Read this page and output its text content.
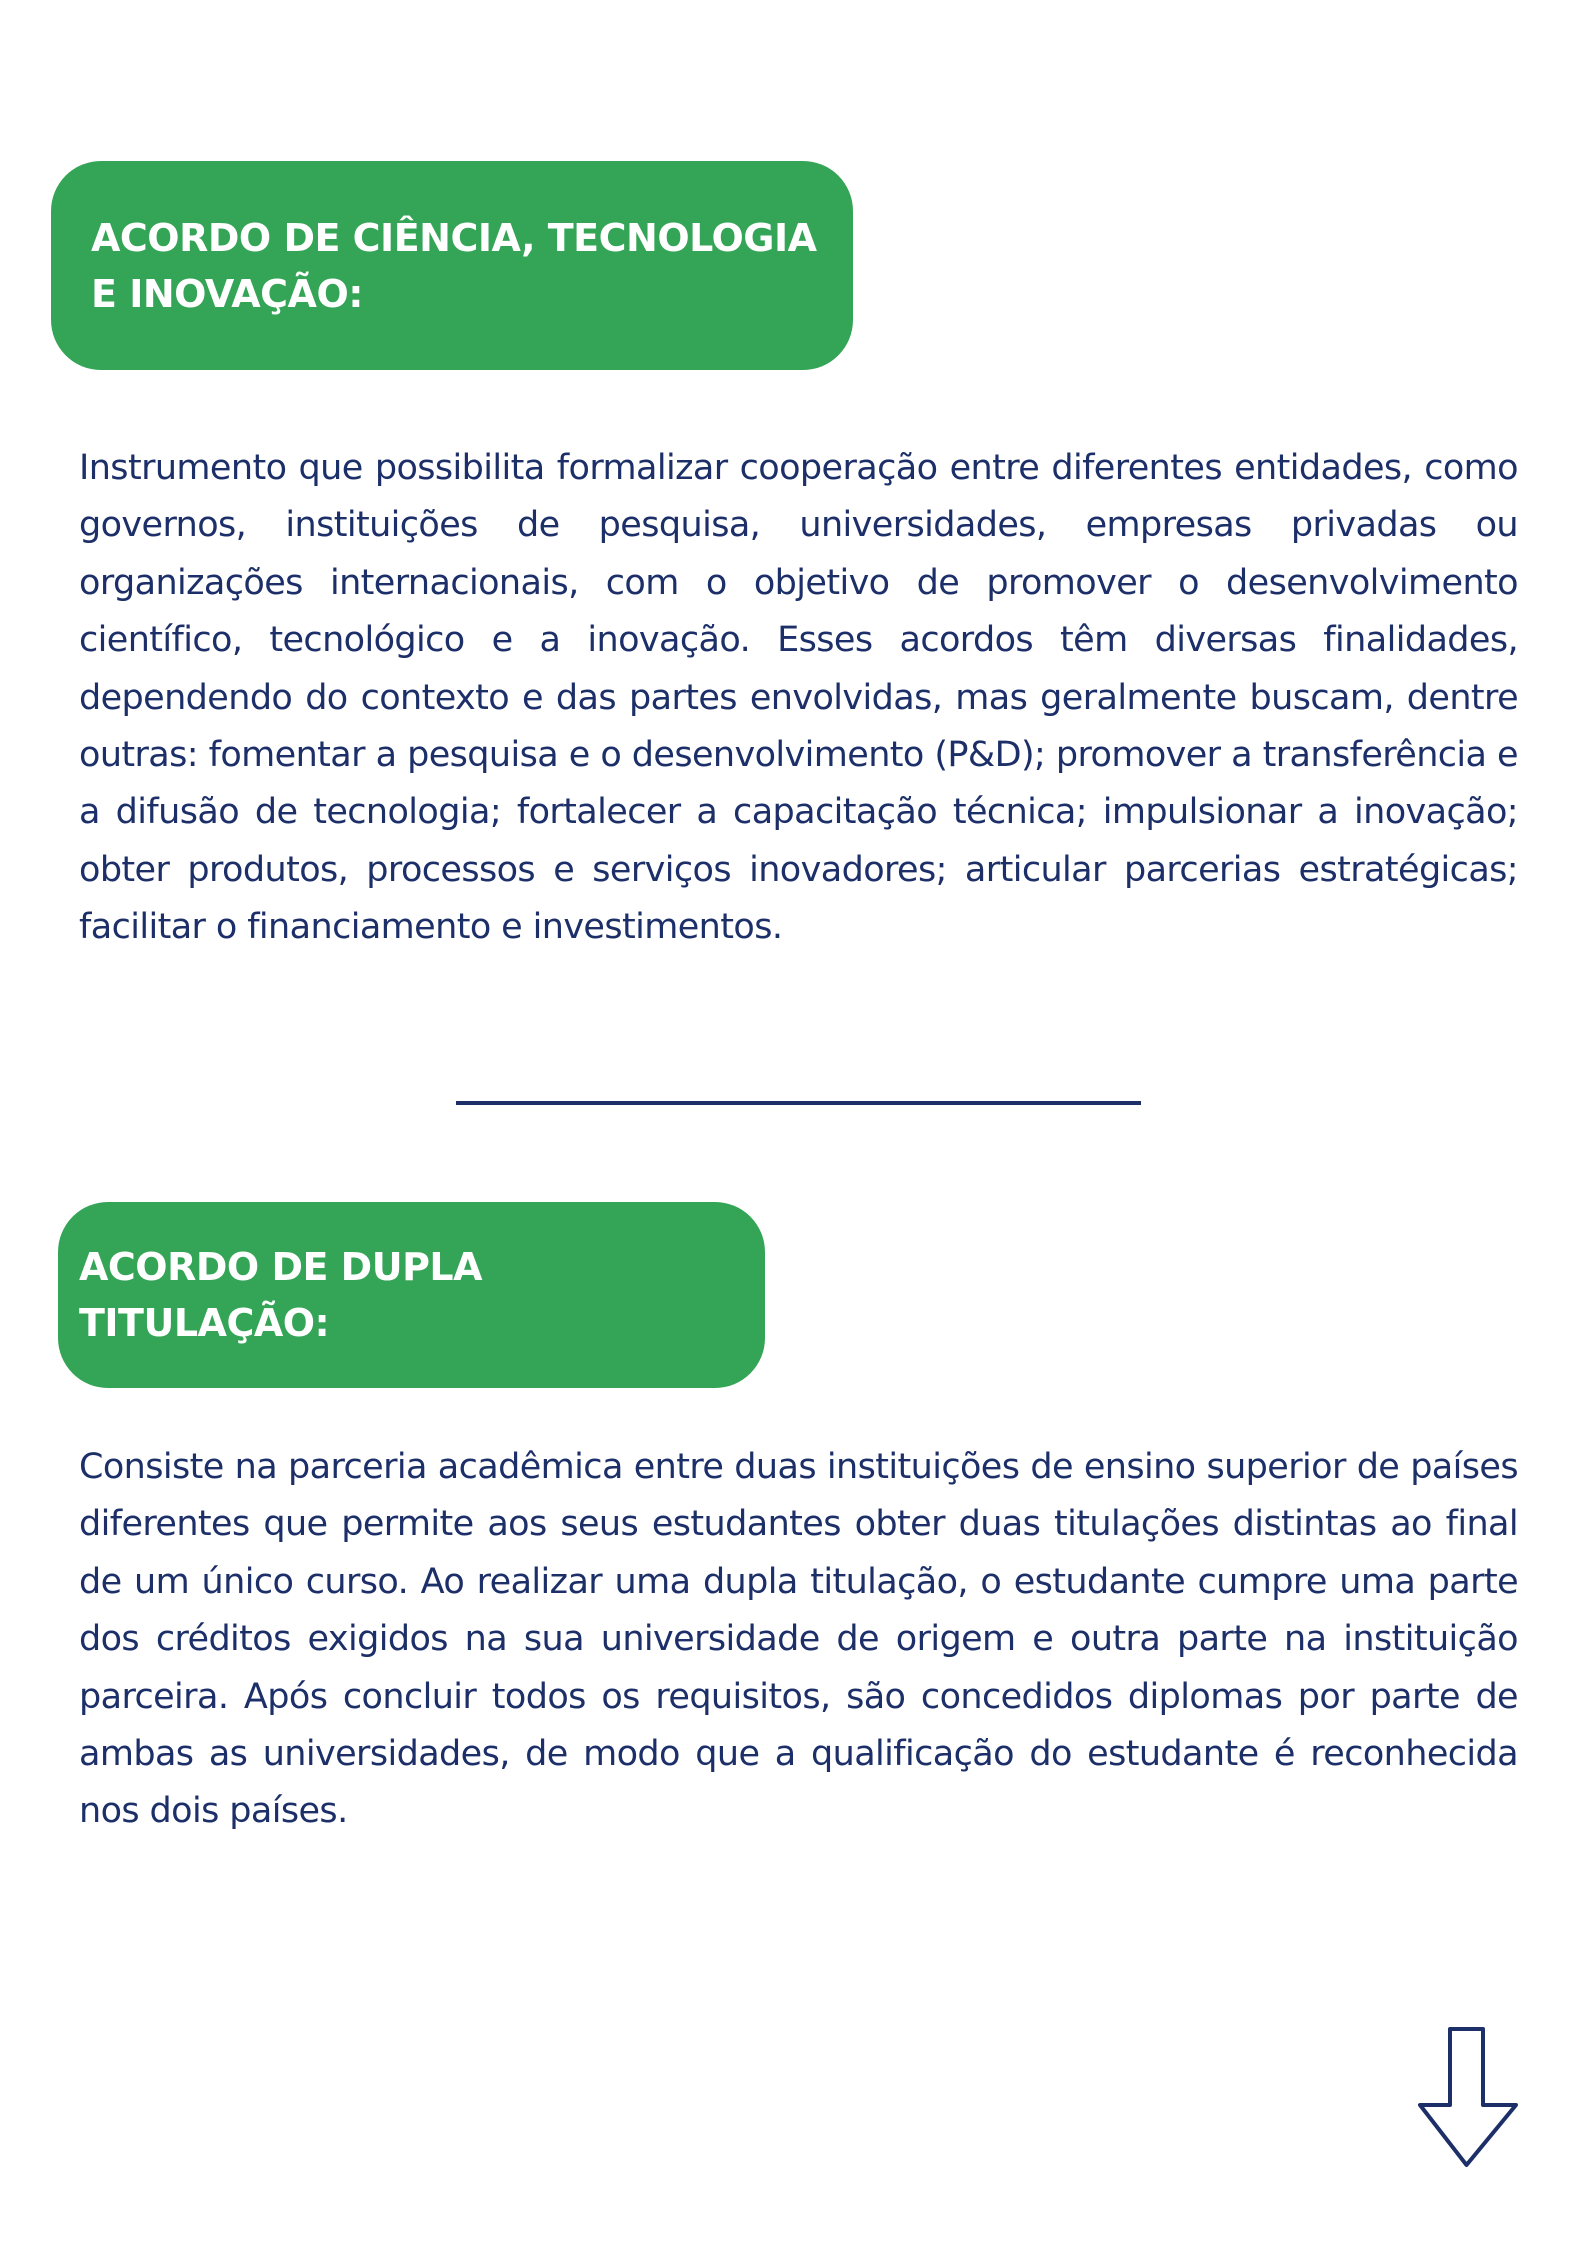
ACORDO DE CIÊNCIA, TECNOLOGIA E INOVAÇÃO:

Instrumento que possibilita formalizar cooperação entre diferentes entidades, como governos, instituições de pesquisa, universidades, empresas privadas ou organizações internacionais, com o objetivo de promover o desenvolvimento científico, tecnológico e a inovação. Esses acordos têm diversas finalidades, dependendo do contexto e das partes envolvidas, mas geralmente buscam, dentre outras: fomentar a pesquisa e o desenvolvimento (P&D); promover a transferência e a difusão de tecnologia; fortalecer a capacitação técnica; impulsionar a inovação; obter produtos, processos e serviços inovadores; articular parcerias estratégicas; facilitar o financiamento e investimentos.

ACORDO DE DUPLA TITULAÇÃO:

Consiste na parceria acadêmica entre duas instituições de ensino superior de países diferentes que permite aos seus estudantes obter duas titulações distintas ao final de um único curso. Ao realizar uma dupla titulação, o estudante cumpre uma parte dos créditos exigidos na sua universidade de origem e outra parte na instituição parceira. Após concluir todos os requisitos, são concedidos diplomas por parte de ambas as universidades, de modo que a qualificação do estudante é reconhecida nos dois países.
